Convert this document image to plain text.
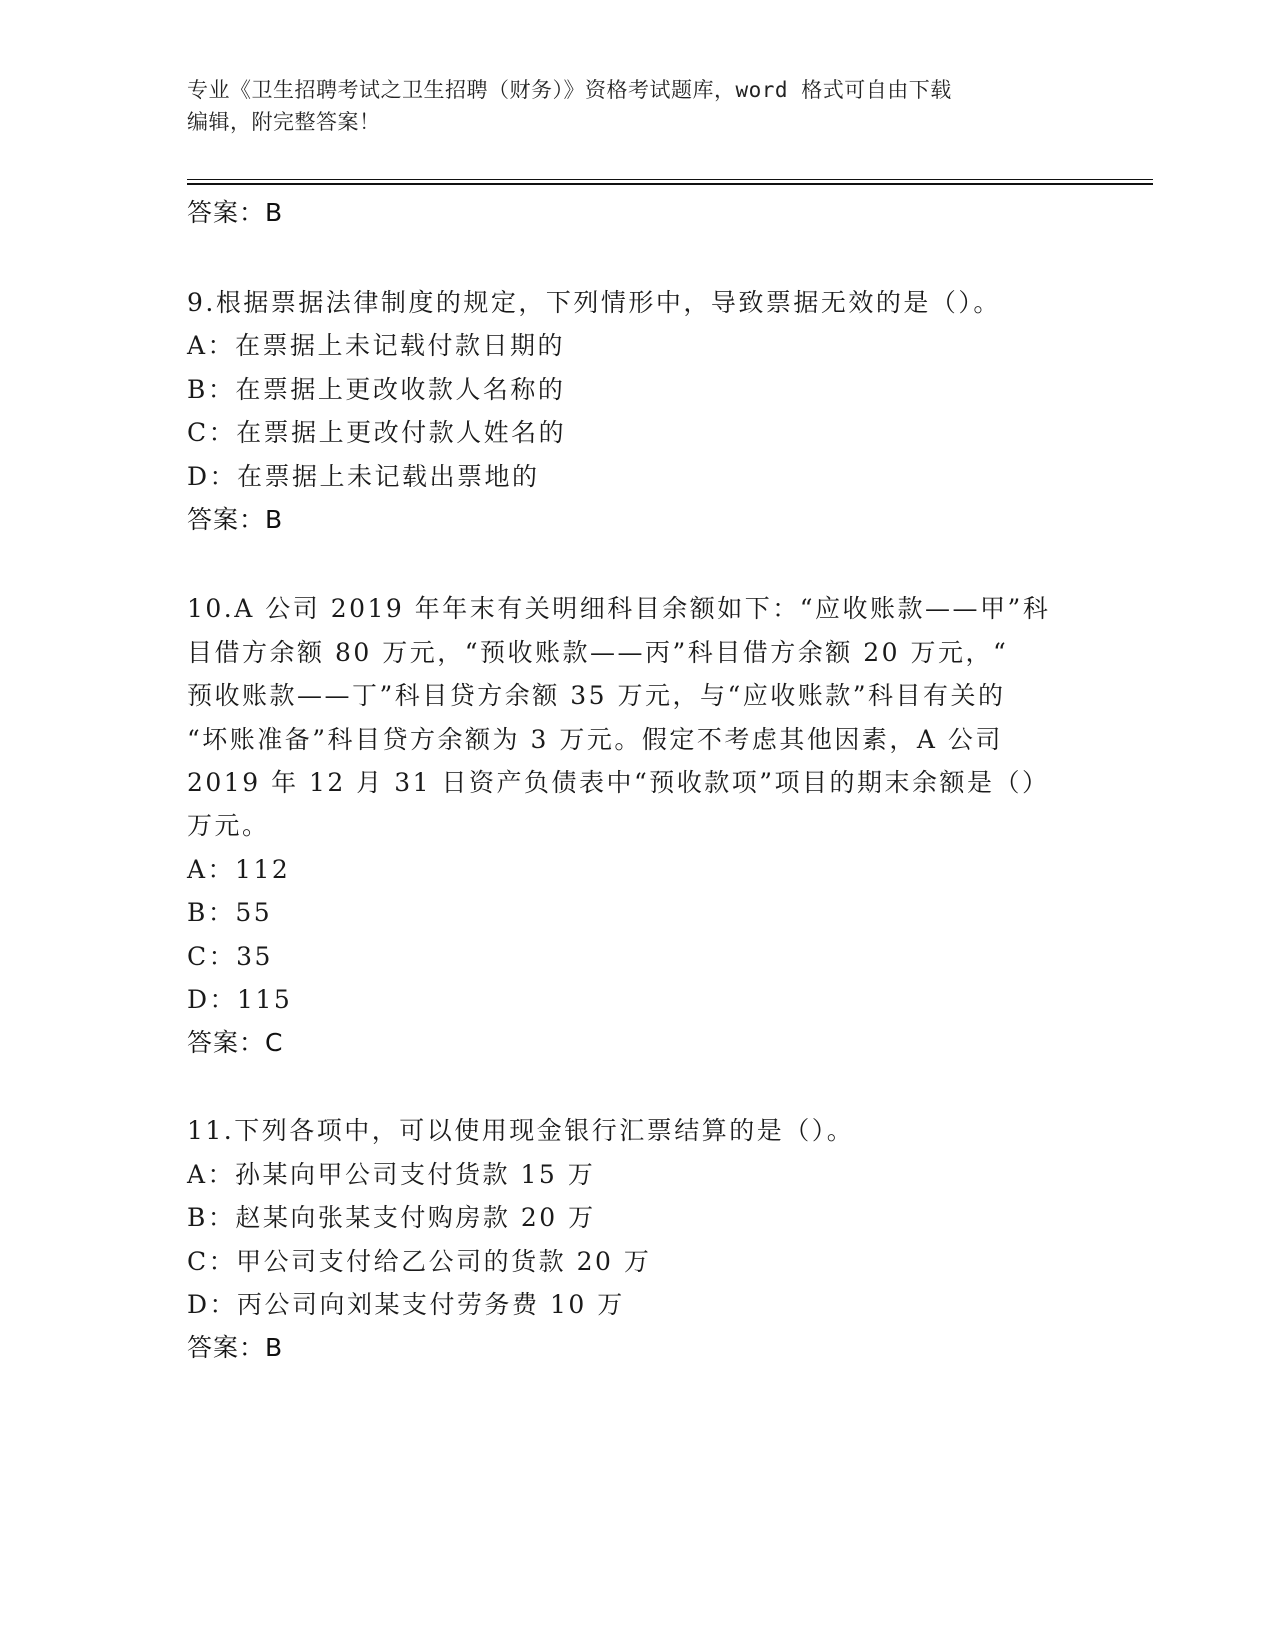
专业《卫生招聘考试之卫生招聘（财务）》资格考试题库，word 格式可自由下载
编辑，附完整答案！
答案：B
9.根据票据法律制度的规定，下列情形中，导致票据无效的是（）。
A：在票据上未记载付款日期的
B：在票据上更改收款人名称的
C：在票据上更改付款人姓名的
D：在票据上未记载出票地的
答案：B
10.A 公司 2019 年年末有关明细科目余额如下：“应收账款——甲”科
目借方余额 80 万元，“预收账款——丙”科目借方余额 20 万元，“
预收账款——丁”科目贷方余额 35 万元，与“应收账款”科目有关的
“坏账准备”科目贷方余额为 3 万元。假定不考虑其他因素，A 公司
2019 年 12 月 31 日资产负债表中“预收款项”项目的期末余额是（）
万元。
A：112
B：55
C：35
D：115
答案：C
11.下列各项中，可以使用现金银行汇票结算的是（）。
A：孙某向甲公司支付货款 15 万
B：赵某向张某支付购房款 20 万
C：甲公司支付给乙公司的货款 20 万
D：丙公司向刘某支付劳务费 10 万
答案：B
